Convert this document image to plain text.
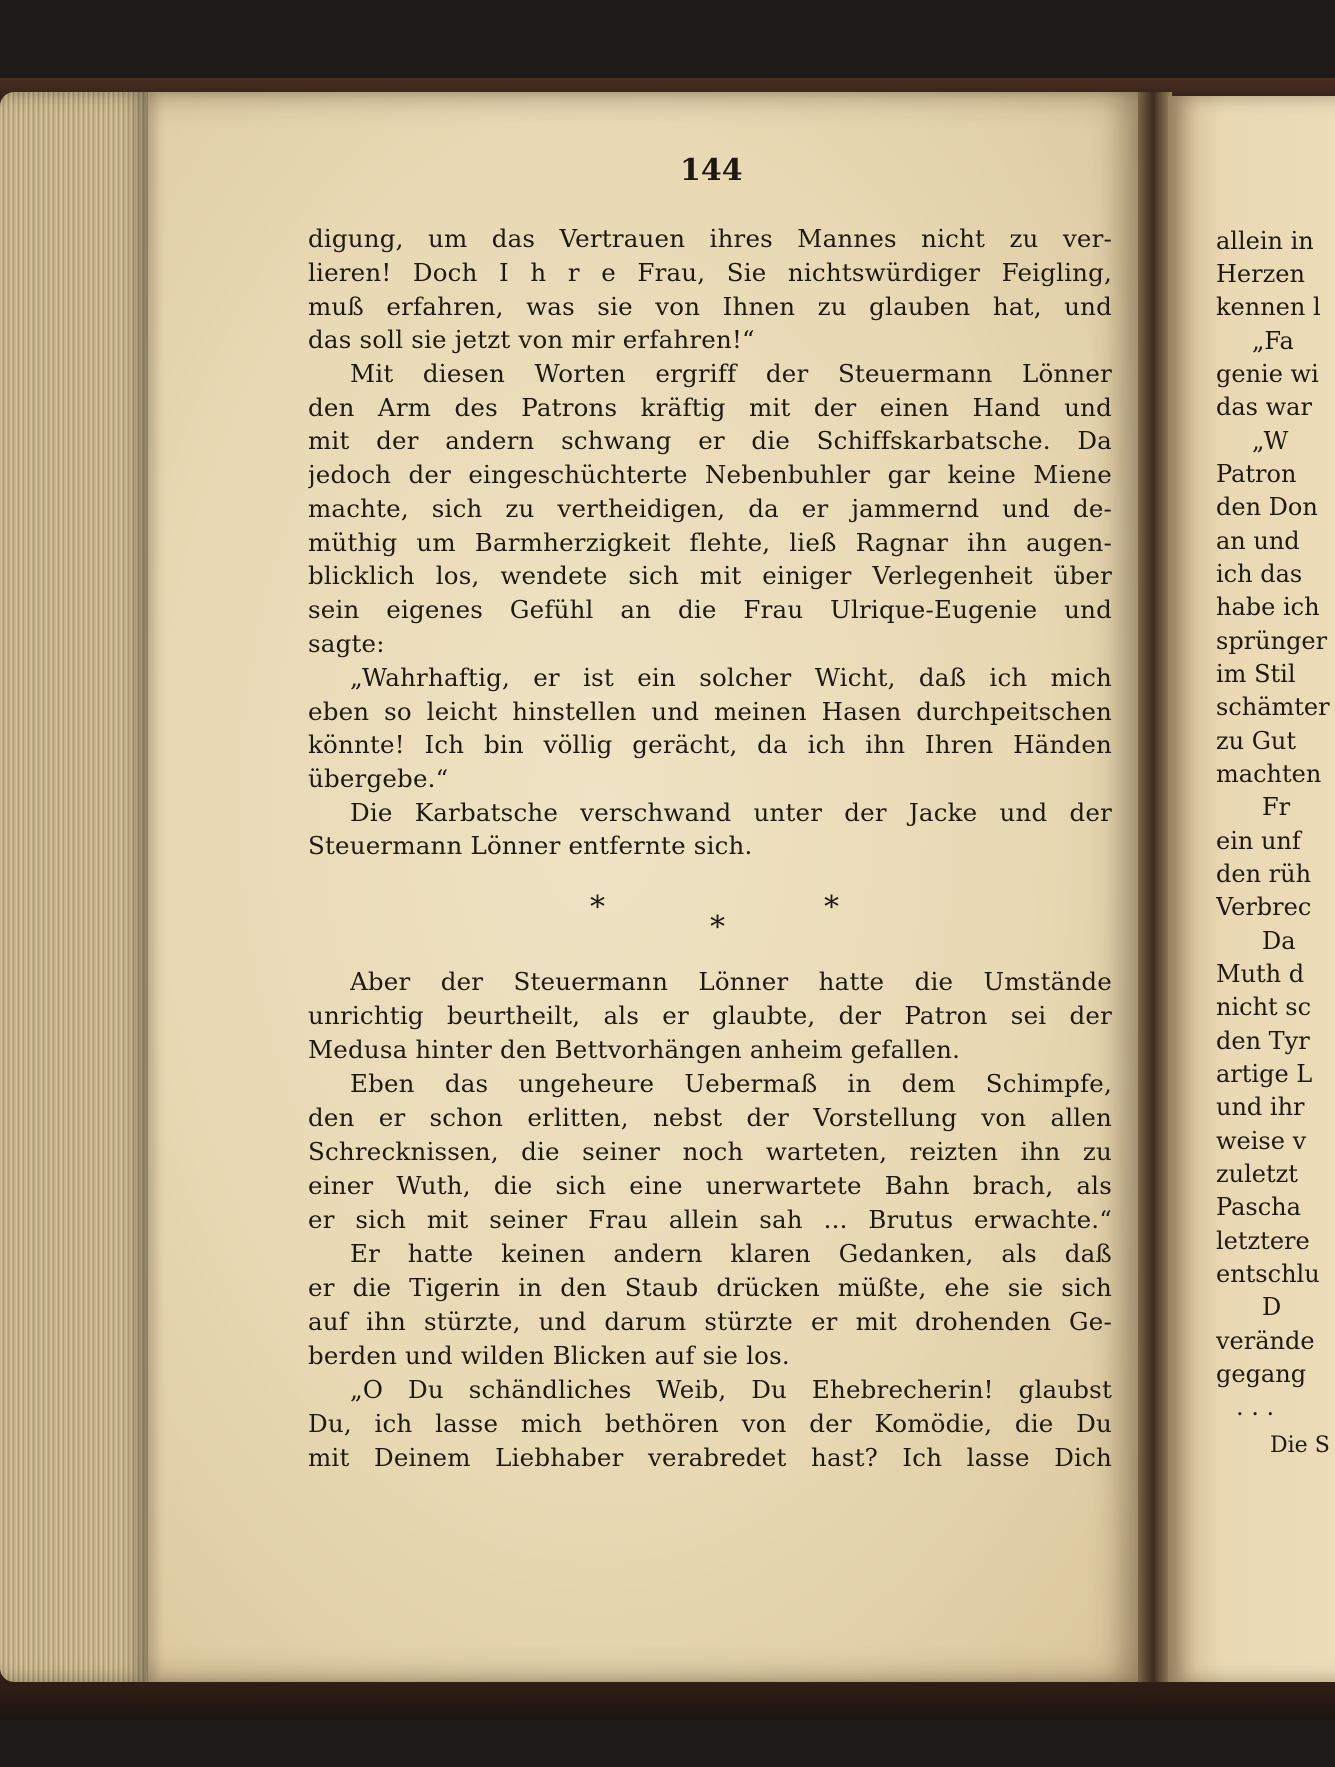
144
digung, um das Vertrauen ihres Mannes nicht zu ver-
lieren! Doch I h r e Frau, Sie nichtswürdiger Feigling,
muß erfahren, was sie von Ihnen zu glauben hat, und
das soll sie jetzt von mir erfahren!“
Mit diesen Worten ergriff der Steuermann Lönner
den Arm des Patrons kräftig mit der einen Hand und
mit der andern schwang er die Schiffskarbatsche. Da
jedoch der eingeschüchterte Nebenbuhler gar keine Miene
machte, sich zu vertheidigen, da er jammernd und de-
müthig um Barmherzigkeit flehte, ließ Ragnar ihn augen-
blicklich los, wendete sich mit einiger Verlegenheit über
sein eigenes Gefühl an die Frau Ulrique-Eugenie und
sagte:
„Wahrhaftig, er ist ein solcher Wicht, daß ich mich
eben so leicht hinstellen und meinen Hasen durchpeitschen
könnte! Ich bin völlig gerächt, da ich ihn Ihren Händen
übergebe.“
Die Karbatsche verschwand unter der Jacke und der
Steuermann Lönner entfernte sich.
*
*
*
Aber der Steuermann Lönner hatte die Umstände
unrichtig beurtheilt, als er glaubte, der Patron sei der
Medusa hinter den Bettvorhängen anheim gefallen.
Eben das ungeheure Uebermaß in dem Schimpfe,
den er schon erlitten, nebst der Vorstellung von allen
Schrecknissen, die seiner noch warteten, reizten ihn zu
einer Wuth, die sich eine unerwartete Bahn brach, als
er sich mit seiner Frau allein sah ... Brutus erwachte.“
Er hatte keinen andern klaren Gedanken, als daß
er die Tigerin in den Staub drücken müßte, ehe sie sich
auf ihn stürzte, und darum stürzte er mit drohenden Ge-
berden und wilden Blicken auf sie los.
„O Du schändliches Weib, Du Ehebrecherin! glaubst
Du, ich lasse mich bethören von der Komödie, die Du
mit Deinem Liebhaber verabredet hast? Ich lasse Dich
allein in
Herzen
kennen l
„Fa
genie wi
das war
„W
Patron
den Don
an und
ich das
habe ich
sprünger
im Stil
schämter
zu Gut
machten
Fr
ein unf
den rüh
Verbrec
Da
Muth d
nicht sc
den Tyr
artige L
und ihr
weise v
zuletzt
Pascha
letztere
entschlu
D
verände
gegang
. . .
Die S
